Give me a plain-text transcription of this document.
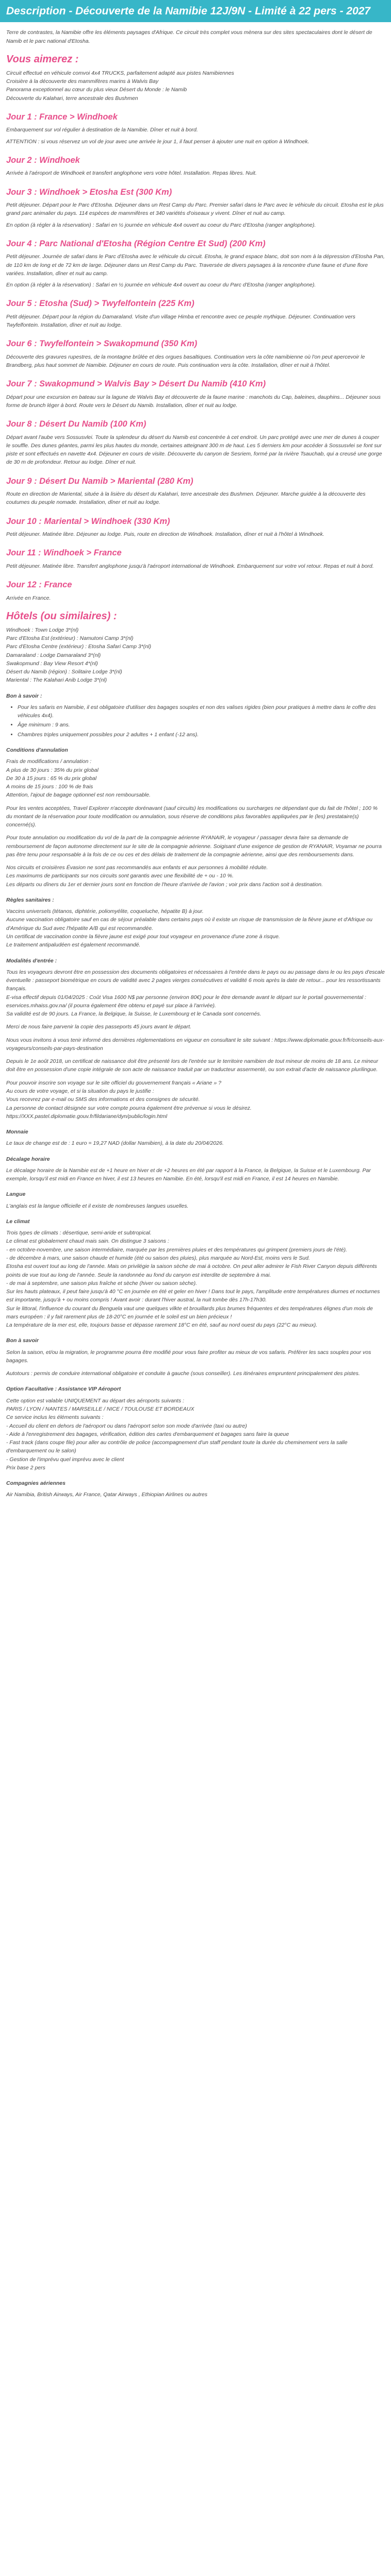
Description - Découverte de la Namibie 12J/9N - Limité à 22 pers - 2027

Terre de contrastes, la Namibie offre les éléments paysages d'Afrique. Ce circuit très complet vous mènera sur des sites spectaculaires dont le désert de Namib et le parc national d'Etosha.

Vous aimerez :

Circuit effectué en véhicule comvoi 4x4 TRUCKS, parfaitement adapté aux pistes Namibiennes

Croisière à la découverte des mammifères marins à Walvis Bay

Panorama exceptionnel au cœur du plus vieux Désert du Monde : le Namib

Découverte du Kalahari, terre ancestrale des Bushmen

Jour 1 : France > Windhoek

Embarquement sur vol régulier à destination de la Namibie. Dîner et nuit à bord.

ATTENTION : si vous réservez un vol de jour avec une arrivée le jour 1, il faut penser à ajouter une nuit en option à Windhoek.

Jour 2 : Windhoek

Arrivée à l'aéroport de Windhoek et transfert anglophone vers votre hôtel. Installation. Repas libres. Nuit.

Jour 3 : Windhoek > Etosha Est (300 Km)

Petit déjeuner. Départ pour le Parc d'Etosha. Déjeuner dans un Rest Camp du Parc. Premier safari dans le Parc avec le véhicule du circuit. Etosha est le plus grand parc animalier du pays. 114 espèces de mammifères et 340 variétés d'oiseaux y vivent. Dîner et nuit au camp.

En option (à régler à la réservation) : Safari en ½ journée en véhicule 4x4 ouvert au coeur du Parc d'Etosha (ranger anglophone).

Jour 4 : Parc National d'Etosha (Région Centre Et Sud) (200 Km)

Petit déjeuner. Journée de safari dans le Parc d'Etosha avec le véhicule du circuit. Etosha, le grand espace blanc, doit son nom à la dépression d'Etosha Pan, de 110 km de long et de 72 km de large. Déjeuner dans un Rest Camp du Parc. Traversée de divers paysages à la rencontre d'une faune et d'une flore variées. Installation, dîner et nuit au camp.

En option (à régler à la réservation) : Safari en ½ journée en véhicule 4x4 ouvert au coeur du Parc d'Etosha (ranger anglophone).

Jour 5 : Etosha (Sud) > Twyfelfontein (225 Km)

Petit déjeuner. Départ pour la région du Damaraland. Visite d'un village Himba et rencontre avec ce peuple mythique. Déjeuner. Continuation vers Twyfelfontein. Installation, dîner et nuit au lodge.

Jour 6 : Twyfelfontein > Swakopmund (350 Km)

Découverte des gravures rupestres, de la montagne brûlée et des orgues basaltiques. Continuation vers la côte namibienne où l'on peut apercevoir le Brandberg, plus haut sommet de Namibie. Déjeuner en cours de route. Puis continuation vers la côte. Installation, dîner et nuit à l'hôtel.

Jour 7 : Swakopmund > Walvis Bay > Désert Du Namib (410 Km)

Départ pour une excursion en bateau sur la lagune de Walvis Bay et découverte de la faune marine : manchots du Cap, baleines, dauphins... Déjeuner sous forme de brunch léger à bord. Route vers le Désert du Namib. Installation, dîner et nuit au lodge.

Jour 8 : Désert Du Namib (100 Km)

Départ avant l'aube vers Sossusvlei. Toute la splendeur du désert du Namib est concentrée à cet endroit. Un parc protégé avec une mer de dunes à couper le souffle. Des dunes géantes, parmi les plus hautes du monde, certaines atteignant 300 m de haut. Les 5 derniers km pour accéder à Sossusvlei se font sur piste et sont effectués en navette 4x4. Déjeuner en cours de visite. Découverte du canyon de Sesriem, formé par la rivière Tsauchab, qui a creusé une gorge de 30 m de profondeur. Retour au lodge. Dîner et nuit.

Jour 9 : Désert Du Namib > Mariental (280 Km)

Route en direction de Mariental, située à la lisière du désert du Kalahari, terre ancestrale des Bushmen. Déjeuner. Marche guidée à la découverte des coutumes du peuple nomade. Installation, dîner et nuit au lodge.

Jour 10 : Mariental > Windhoek (330 Km)

Petit déjeuner. Matinée libre. Déjeuner au lodge. Puis, route en direction de Windhoek. Installation, dîner et nuit à l'hôtel à Windhoek.

Jour 11 : Windhoek > France

Petit déjeuner. Matinée libre. Transfert anglophone jusqu'à l'aéroport international de Windhoek. Embarquement sur votre vol retour. Repas et nuit à bord.

Jour 12 : France

Arrivée en France.

Hôtels (ou similaires) :

Windhoek : Town Lodge 3*(nl)

Parc d'Etosha Est (extérieur) : Namutoni Camp 3*(nl)

Parc d'Etosha Centre (extérieur) : Etosha Safari Camp 3*(nl)

Damaraland : Lodge Damaraland 3*(nl)

Swakopmund : Bay View Resort 4*(nl)

Désert du Namib (région) : Solitaire Lodge 3*(nl)

Mariental : The Kalahari Anib Lodge 3*(nl)

Bon à savoir :
• Pour les safaris en Namibie, il est obligatoire d'utiliser des bagages souples et non des valises rigides (bien pour pratiques à mettre dans le coffre des véhicules 4x4).
• Âge minimum : 9 ans.
• Chambres triples uniquement possibles pour 2 adultes + 1 enfant (-12 ans).
Conditions d'annulation

Frais de modifications / annulation :

A plus de 30 jours : 35% du prix global

De 30 à 15 jours : 65 % du prix global

A moins de 15 jours : 100 % de frais

Attention, l'ajout de bagage optionnel est non remboursable.

Pour les ventes acceptées, Travel Explorer n'accepte dorénavant (sauf circuits) les modifications ou surcharges ne dépendant que du fait de l'hôtel ; 100 % du montant de la réservation pour toute modification ou annulation, sous réserve de conditions plus favorables appliquées par le (les) prestataire(s) concerné(s).

Pour toute annulation ou modification du vol de la part de la compagnie aérienne RYANAIR, le voyageur / passager devra faire sa demande de remboursement de façon autonome directement sur le site de la compagnie aérienne. Soigisant d'une exigence de gestion de RYANAIR, Voyamar ne pourra pas être tenu pour responsable à la fois de ce ou ces et des délais de traitement de la compagnie aérienne, ainsi que des remboursements dans.

Nos circuits et croisières Évasion ne sont pas recommandés aux enfants et aux personnes à mobilité réduite.

Les maximums de participants sur nos circuits sont garantis avec une flexibilité de + ou - 10 %.

Les départs ou dîners du 1er et dernier jours sont en fonction de l'heure d'arrivée de l'avion ; voir prix dans l'action soit à destination.

Règles sanitaires :

Vaccins universels (tétanos, diphtérie, poliomyélite, coqueluche, hépatite B) à jour.

Aucune vaccination obligatoire sauf en cas de séjour préalable dans certains pays où il existe un risque de transmission de la fièvre jaune et d'Afrique ou d'Amérique du Sud avec l'hépatite A/B qui est recommandée.

Un certificat de vaccination contre la fièvre jaune est exigé pour tout voyageur en provenance d'une zone à risque.

Le traitement antipaludéen est également recommandé.

Modalités d'entrée :

Tous les voyageurs devront être en possession des documents obligatoires et nécessaires à l'entrée dans le pays ou au passage dans le ou les pays d'escale éventuelle : passeport biométrique en cours de validité avec 2 pages vierges consécutives et validité 6 mois après la date de retour... pour les ressortissants français.

E-visa effectif depuis 01/04/2025 : Coût Visa 1600 N$ par personne (environ 80€) pour le être demande avant le départ sur le portail gouvernemental : eservices.mhaiss.gov.na/ (il pourra également être obtenu et payé sur place à l'arrivée).

Sa validité est de 90 jours. La France, la Belgique, la Suisse, le Luxembourg et le Canada sont concernés.

Merci de nous faire parvenir la copie des passeports 45 jours avant le départ.

Nous vous invitons à vous tenir informé des dernières réglementations en vigueur en consultant le site suivant : https://www.diplomatie.gouv.fr/fr/conseils-aux-voyageurs/conseils-par-pays-destination

Depuis le 1e août 2018, un certificat de naissance doit être présenté lors de l'entrée sur le territoire namibien de tout mineur de moins de 18 ans. Le mineur doit être en possession d'une copie intégrale de son acte de naissance traduit par un traducteur assermenté, ou son extrait d'acte de naissance plurilingue.

Pour pouvoir inscrire son voyage sur le site officiel du gouvernement français « Ariane » ?

Au cours de votre voyage, et si la situation du pays le justifie :

Vous recevrez par e-mail ou SMS des informations et des consignes de sécurité.

La personne de contact désignée sur votre compte pourra également être prévenue si vous le désirez.

https://XXX.pastel.diplomatie.gouv.fr/fildariane/dyn/public/login.html

Monnaie

Le taux de change est de : 1 euro = 19,27 NAD (dollar Namibien), à la date du 20/04/2026.

Décalage horaire

Le décalage horaire de la Namibie est de +1 heure en hiver et de +2 heures en été par rapport à la France, la Belgique, la Suisse et le Luxembourg. Par exemple, lorsqu'il est midi en France en hiver, il est 13 heures en Namibie. En été, lorsqu'il est midi en France, il est 14 heures en Namibie.

Langue

L'anglais est la langue officielle et il existe de nombreuses langues usuelles.

Le climat

Trois types de climats : désertique, semi-aride et subtropical.

Le climat est globalement chaud mais sain. On distingue 3 saisons :

- en octobre-novembre, une saison intermédiaire, marquée par les premières pluies et des températures qui grimpent (premiers jours de l'été).

- de décembre à mars, une saison chaude et humide (été ou saison des pluies), plus marquée au Nord-Est, moins vers le Sud.

Etosha est ouvert tout au long de l'année. Mais on privilégie la saison sèche de mai à octobre. On peut aller admirer le Fish River Canyon depuis différents points de vue tout au long de l'année. Seule la randonnée au fond du canyon est interdite de septembre à mai.

- de mai à septembre, une saison plus fraîche et sèche (hiver ou saison sèche).

Sur les hauts plateaux, il peut faire jusqu'à 40 °C en journée en été et geler en hiver ! Dans tout le pays, l'amplitude entre températures diurnes et nocturnes est importante, jusqu'à + ou moins compris ! Avant avoir : durant l'hiver austral, la nuit tombe dès 17h-17h30.

Sur le littoral, l'influence du courant du Benguela vaut une quelques vilkte et brouillards plus brumes fréquentes et des températures élignes d'un mois de mars européen : il y fait rarement plus de 18-20°C en journée et le soleil est un bien précieux !

La température de la mer est, elle, toujours basse et dépasse rarement 18°C en été, sauf au nord ouest du pays (22°C au mieux).

Bon à savoir

Selon la saison, et/ou la migration, le programme pourra être modifié pour vous faire profiter au mieux de vos safaris. Préférer les sacs souples pour vos bagages.

Autotours : permis de conduire international obligatoire et conduite à gauche (sous conseiller). Les itinéraires empruntent principalement des pistes.

Option Facultative : Assistance VIP Aéroport

Cette option est valable UNIQUEMENT au départ des aéroports suivants :

PARIS / LYON / NANTES / MARSEILLE / NICE / TOULOUSE ET BORDEAUX

Ce service inclus les éléments suivants :

- Accueil du client en dehors de l'aéroport ou dans l'aéroport selon son mode d'arrivée (taxi ou autre)

- Aide à l'enregistrement des bagages, vérification, édition des cartes d'embarquement et bagages sans faire la queue

- Fast track (dans coupe file) pour aller au contrôle de police (accompagnement d'un staff pendant toute la durée du cheminement vers la salle d'embarquement ou le salon)

- Gestion de l'imprévu quel imprévu avec le client

Prix base 2 pers

Compagnies aériennes

Air Namibia, British Airways, Air France, Qatar Airways , Ethiopian Airlines ou autres
